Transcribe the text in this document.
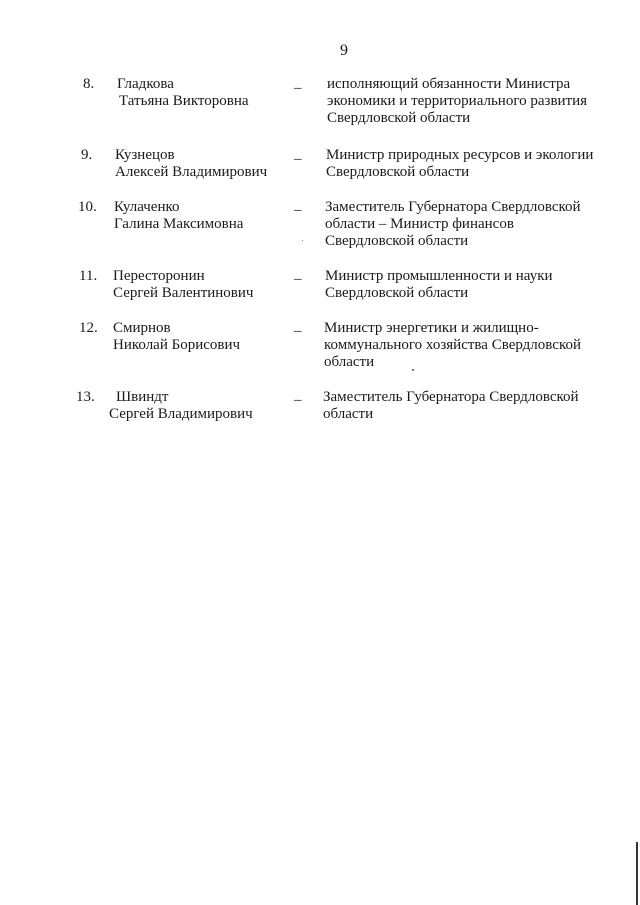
9
8.	Гладкова
Татьяна Викторовна
–	исполняющий обязанности Министра
экономики и территориального развития
Свердловской области
9.	Кузнецов
Алексей Владимирович
–	Министр природных ресурсов и экологии
Свердловской области
10.	Кулаченко
Галина Максимовна
–	Заместитель Губернатора Свердловской
области – Министр финансов
Свердловской области
11.	Пересторонин
Сергей Валентинович
–	Министр промышленности и науки
Свердловской области
12.	Смирнов
Николай Борисович
–	Министр энергетики и жилищно-
коммунального хозяйства Свердловской
области
13.	Швиндт
Сергей Владимирович
–	Заместитель Губернатора Свердловской
области
